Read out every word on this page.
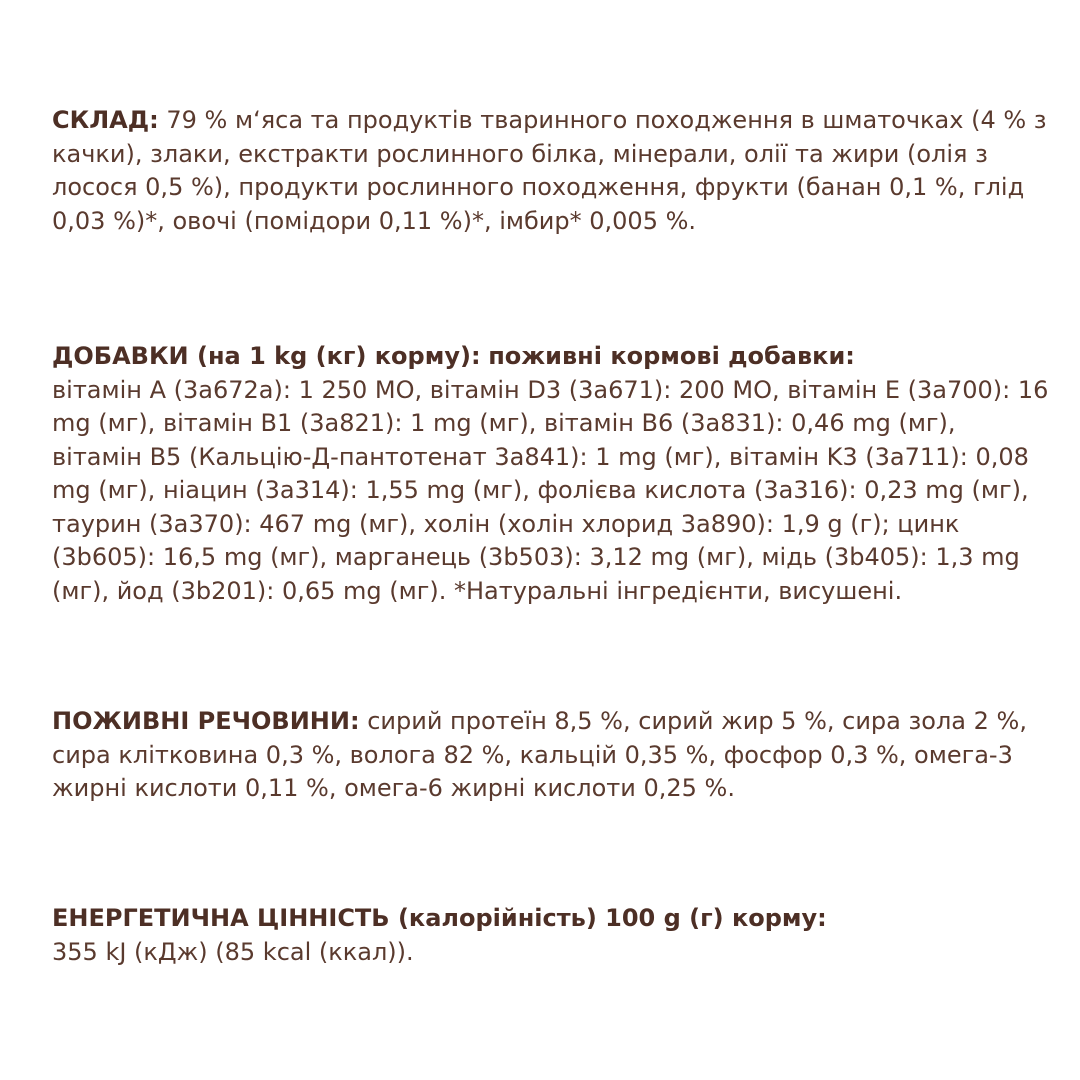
СКЛАД: 79 % м‘яса та продуктів тваринного походження в шматочках (4 % з качки), злаки, екстракти рослинного білка, мінерали, олії та жири (олія з лосося 0,5 %), продукти рослинного походження, фрукти (банан 0,1 %, глід 0,03 %)*, овочі (помідори 0,11 %)*, імбир* 0,005 %.
ДОБАВКИ (на 1 kg (кг) корму): поживні кормові добавки:
вітамін A (3a672a): 1 250 МО, вітамін D3 (3a671): 200 МО, вітамін E (3a700): 16 mg (мг), вітамін B1 (3a821): 1 mg (мг), вітамін B6 (3a831): 0,46 mg (мг), вітамін B5 (Кальцію-Д-пантотенат 3a841): 1 mg (мг), вітамін K3 (3a711): 0,08 mg (мг), ніацин (3a314): 1,55 mg (мг), фолієва кислота (3a316): 0,23 mg (мг), таурин (3a370): 467 mg (мг), холін (холін хлорид 3a890): 1,9 g (г); цинк (3b605): 16,5 mg (мг), марганець (3b503): 3,12 mg (мг), мідь (3b405): 1,3 mg (мг), йод (3b201): 0,65 mg (мг). *Натуральні інгредієнти, висушені.
ПОЖИВНІ РЕЧОВИНИ: сирий протеїн 8,5 %, сирий жир 5 %, сира зола 2 %, сира клітковина 0,3 %, волога 82 %, кальцій 0,35 %, фосфор 0,3 %, омега-3 жирні кислоти 0,11 %, омега-6 жирні кислоти 0,25 %.
ЕНЕРГЕТИЧНА ЦІННІСТЬ (калорійність) 100 g (г) корму:
355 kJ (кДж) (85 kcal (ккал)).
